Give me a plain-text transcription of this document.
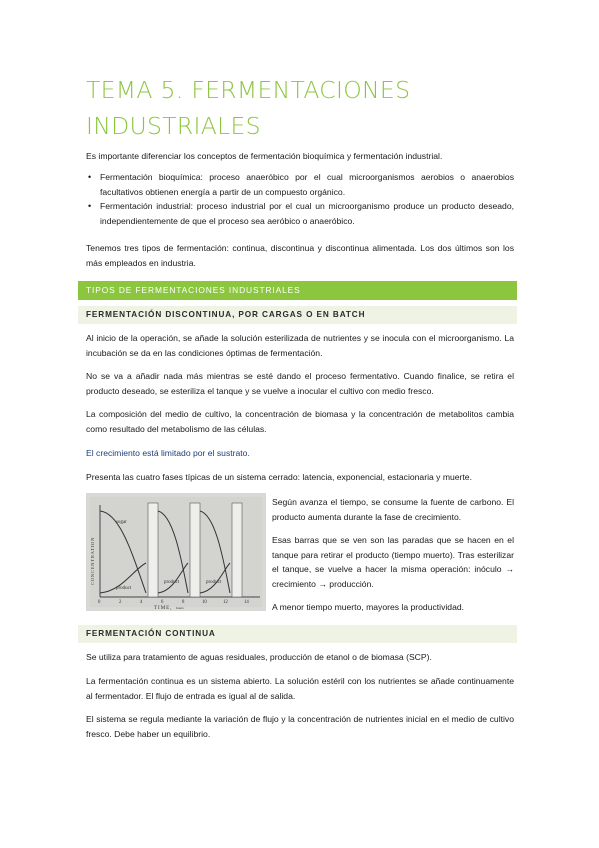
TEMA 5. FERMENTACIONES INDUSTRIALES

Es importante diferenciar los conceptos de fermentación bioquímica y fermentación industrial.

• Fermentación bioquímica: proceso anaeróbico por el cual microorganismos aerobios o anaerobios facultativos obtienen energía a partir de un compuesto orgánico.
• Fermentación industrial: proceso industrial por el cual un microorganismo produce un producto deseado, independientemente de que el proceso sea aeróbico o anaeróbico.

Tenemos tres tipos de fermentación: continua, discontinua y discontinua alimentada. Los dos últimos son los más empleados en industria.

TIPOS DE FERMENTACIONES INDUSTRIALES
FERMENTACIÓN DISCONTINUA, POR CARGAS O EN BATCH

Al inicio de la operación, se añade la solución esterilizada de nutrientes y se inocula con el microorganismo. La incubación se da en las condiciones óptimas de fermentación.

No se va a añadir nada más mientras se esté dando el proceso fermentativo. Cuando finalice, se retira el producto deseado, se esteriliza el tanque y se vuelve a inocular el cultivo con medio fresco.

La composición del medio de cultivo, la concentración de biomasa y la concentración de metabolitos cambia como resultado del metabolismo de las células.

El crecimiento está limitado por el sustrato.

Presenta las cuatro fases típicas de un sistema cerrado: latencia, exponencial, estacionaria y muerte.

CONCENTRATION
sugar
product
product	product
0	2	4	6	8	10	12	14
TIME, hours

Según avanza el tiempo, se consume la fuente de carbono. El producto aumenta durante la fase de crecimiento.

Esas barras que se ven son las paradas que se hacen en el tanque para retirar el producto (tiempo muerto). Tras esterilizar el tanque, se vuelve a hacer la misma operación: inóculo → crecimiento → producción.

A menor tiempo muerto, mayores la productividad.

FERMENTACIÓN CONTINUA

Se utiliza para tratamiento de aguas residuales, producción de etanol o de biomasa (SCP).

La fermentación continua es un sistema abierto. La solución estéril con los nutrientes se añade continuamente al fermentador. El flujo de entrada es igual al de salida.

El sistema se regula mediante la variación de flujo y la concentración de nutrientes inicial en el medio de cultivo fresco. Debe haber un equilibrio.
